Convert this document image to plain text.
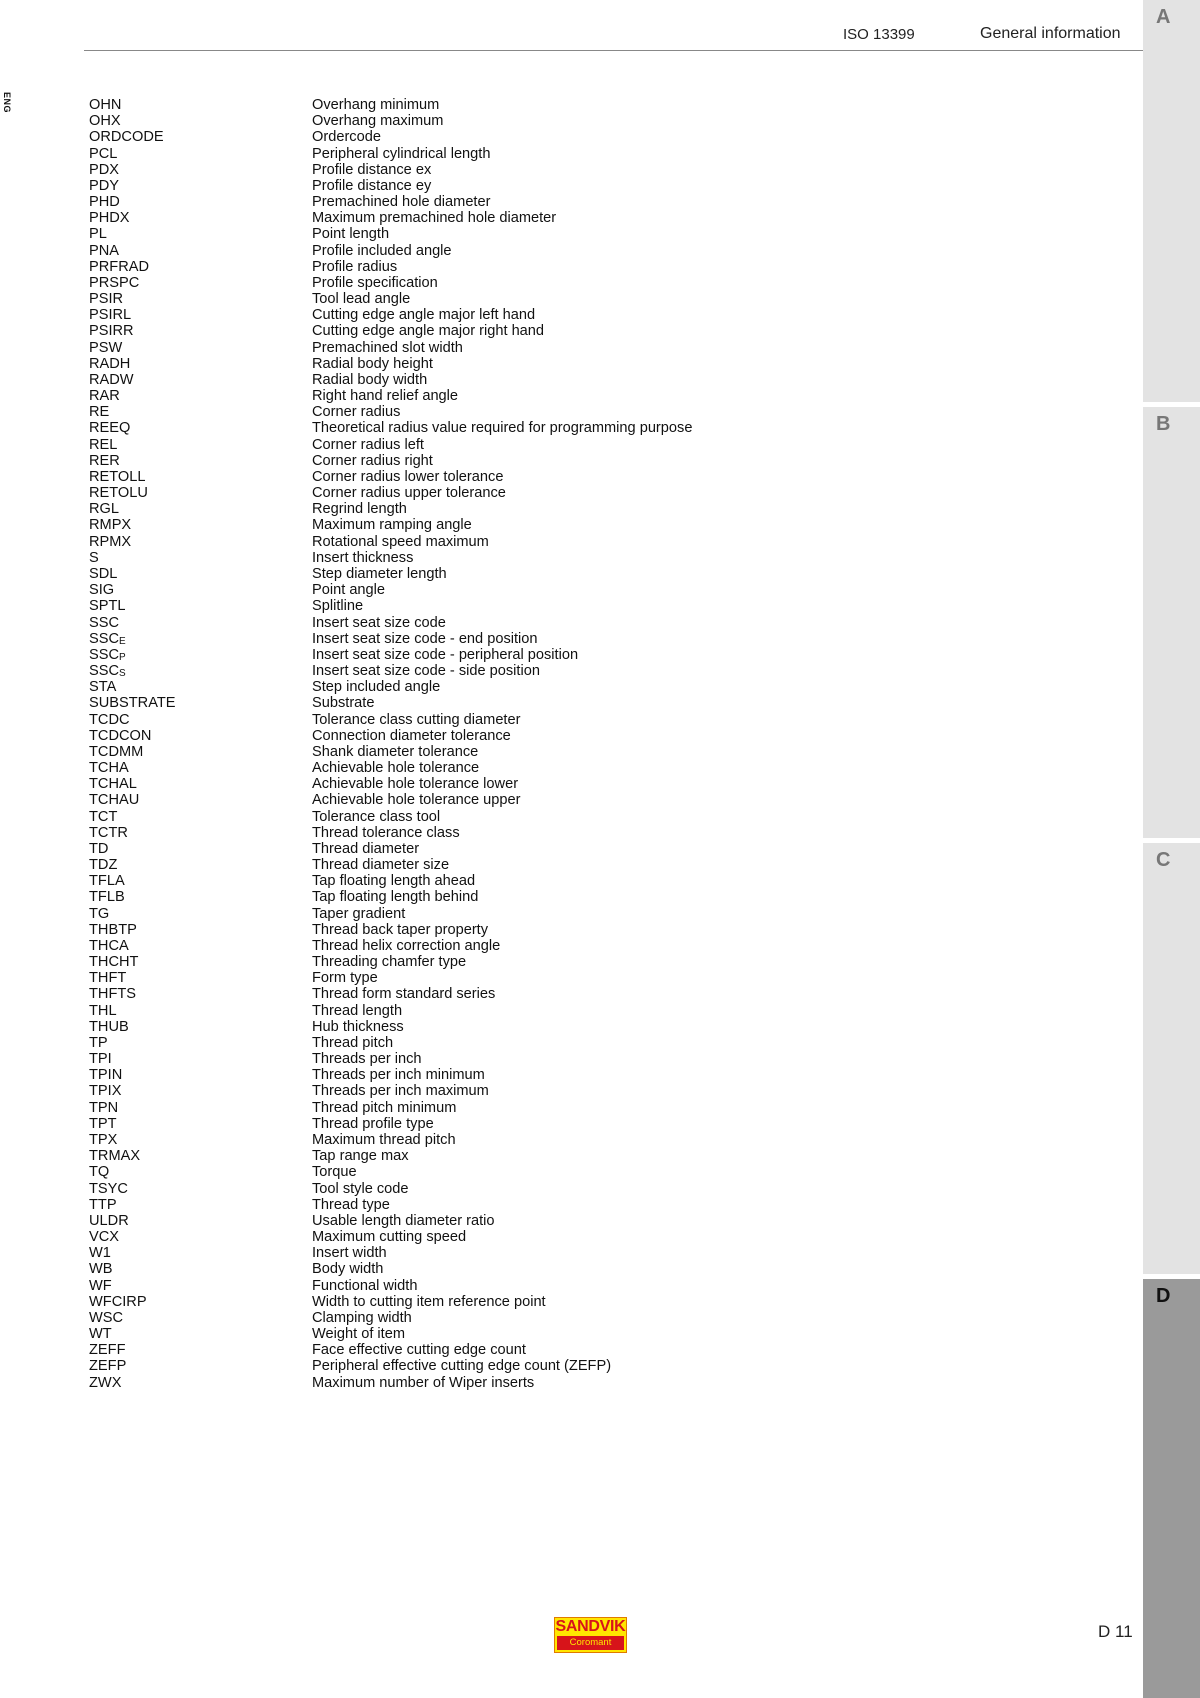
ISO 13399	General information
ENG
A
B
C
D
OHN	Overhang minimum
OHX	Overhang maximum
ORDCODE	Ordercode
PCL	Peripheral cylindrical length
PDX	Profile distance ex
PDY	Profile distance ey
PHD	Premachined hole diameter
PHDX	Maximum premachined hole diameter
PL	Point length
PNA	Profile included angle
PRFRAD	Profile radius
PRSPC	Profile specification
PSIR	Tool lead angle
PSIRL	Cutting edge angle major left hand
PSIRR	Cutting edge angle major right hand
PSW	Premachined slot width
RADH	Radial body height
RADW	Radial body width
RAR	Right hand relief angle
RE	Corner radius
REEQ	Theoretical radius value required for programming purpose
REL	Corner radius left
RER	Corner radius right
RETOLL	Corner radius lower tolerance
RETOLU	Corner radius upper tolerance
RGL	Regrind length
RMPX	Maximum ramping angle
RPMX	Rotational speed maximum
S	Insert thickness
SDL	Step diameter length
SIG	Point angle
SPTL	Splitline
SSC	Insert seat size code
$SSC_E$	Insert seat size code - end position
$SSC_P$	Insert seat size code - peripheral position
$SSC_S$	Insert seat size code - side position
STA	Step included angle
SUBSTRATE	Substrate
TCDC	Tolerance class cutting diameter
TCDCON	Connection diameter tolerance
TCDMM	Shank diameter tolerance
TCHA	Achievable hole tolerance
TCHAL	Achievable hole tolerance lower
TCHAU	Achievable hole tolerance upper
TCT	Tolerance class tool
TCTR	Thread tolerance class
TD	Thread diameter
TDZ	Thread diameter size
TFLA	Tap floating length ahead
TFLB	Tap floating length behind
TG	Taper gradient
THBTP	Thread back taper property
THCA	Thread helix correction angle
THCHT	Threading chamfer type
THFT	Form type
THFTS	Thread form standard series
THL	Thread length
THUB	Hub thickness
TP	Thread pitch
TPI	Threads per inch
TPIN	Threads per inch minimum
TPIX	Threads per inch maximum
TPN	Thread pitch minimum
TPT	Thread profile type
TPX	Maximum thread pitch
TRMAX	Tap range max
TQ	Torque
TSYC	Tool style code
TTP	Thread type
ULDR	Usable length diameter ratio
VCX	Maximum cutting speed
W1	Insert width
WB	Body width
WF	Functional width
WFCIRP	Width to cutting item reference point
WSC	Clamping width
WT	Weight of item
ZEFF	Face effective cutting edge count
ZEFP	Peripheral effective cutting edge count (ZEFP)
ZWX	Maximum number of Wiper inserts
SANDVIK
Coromant
D 11
